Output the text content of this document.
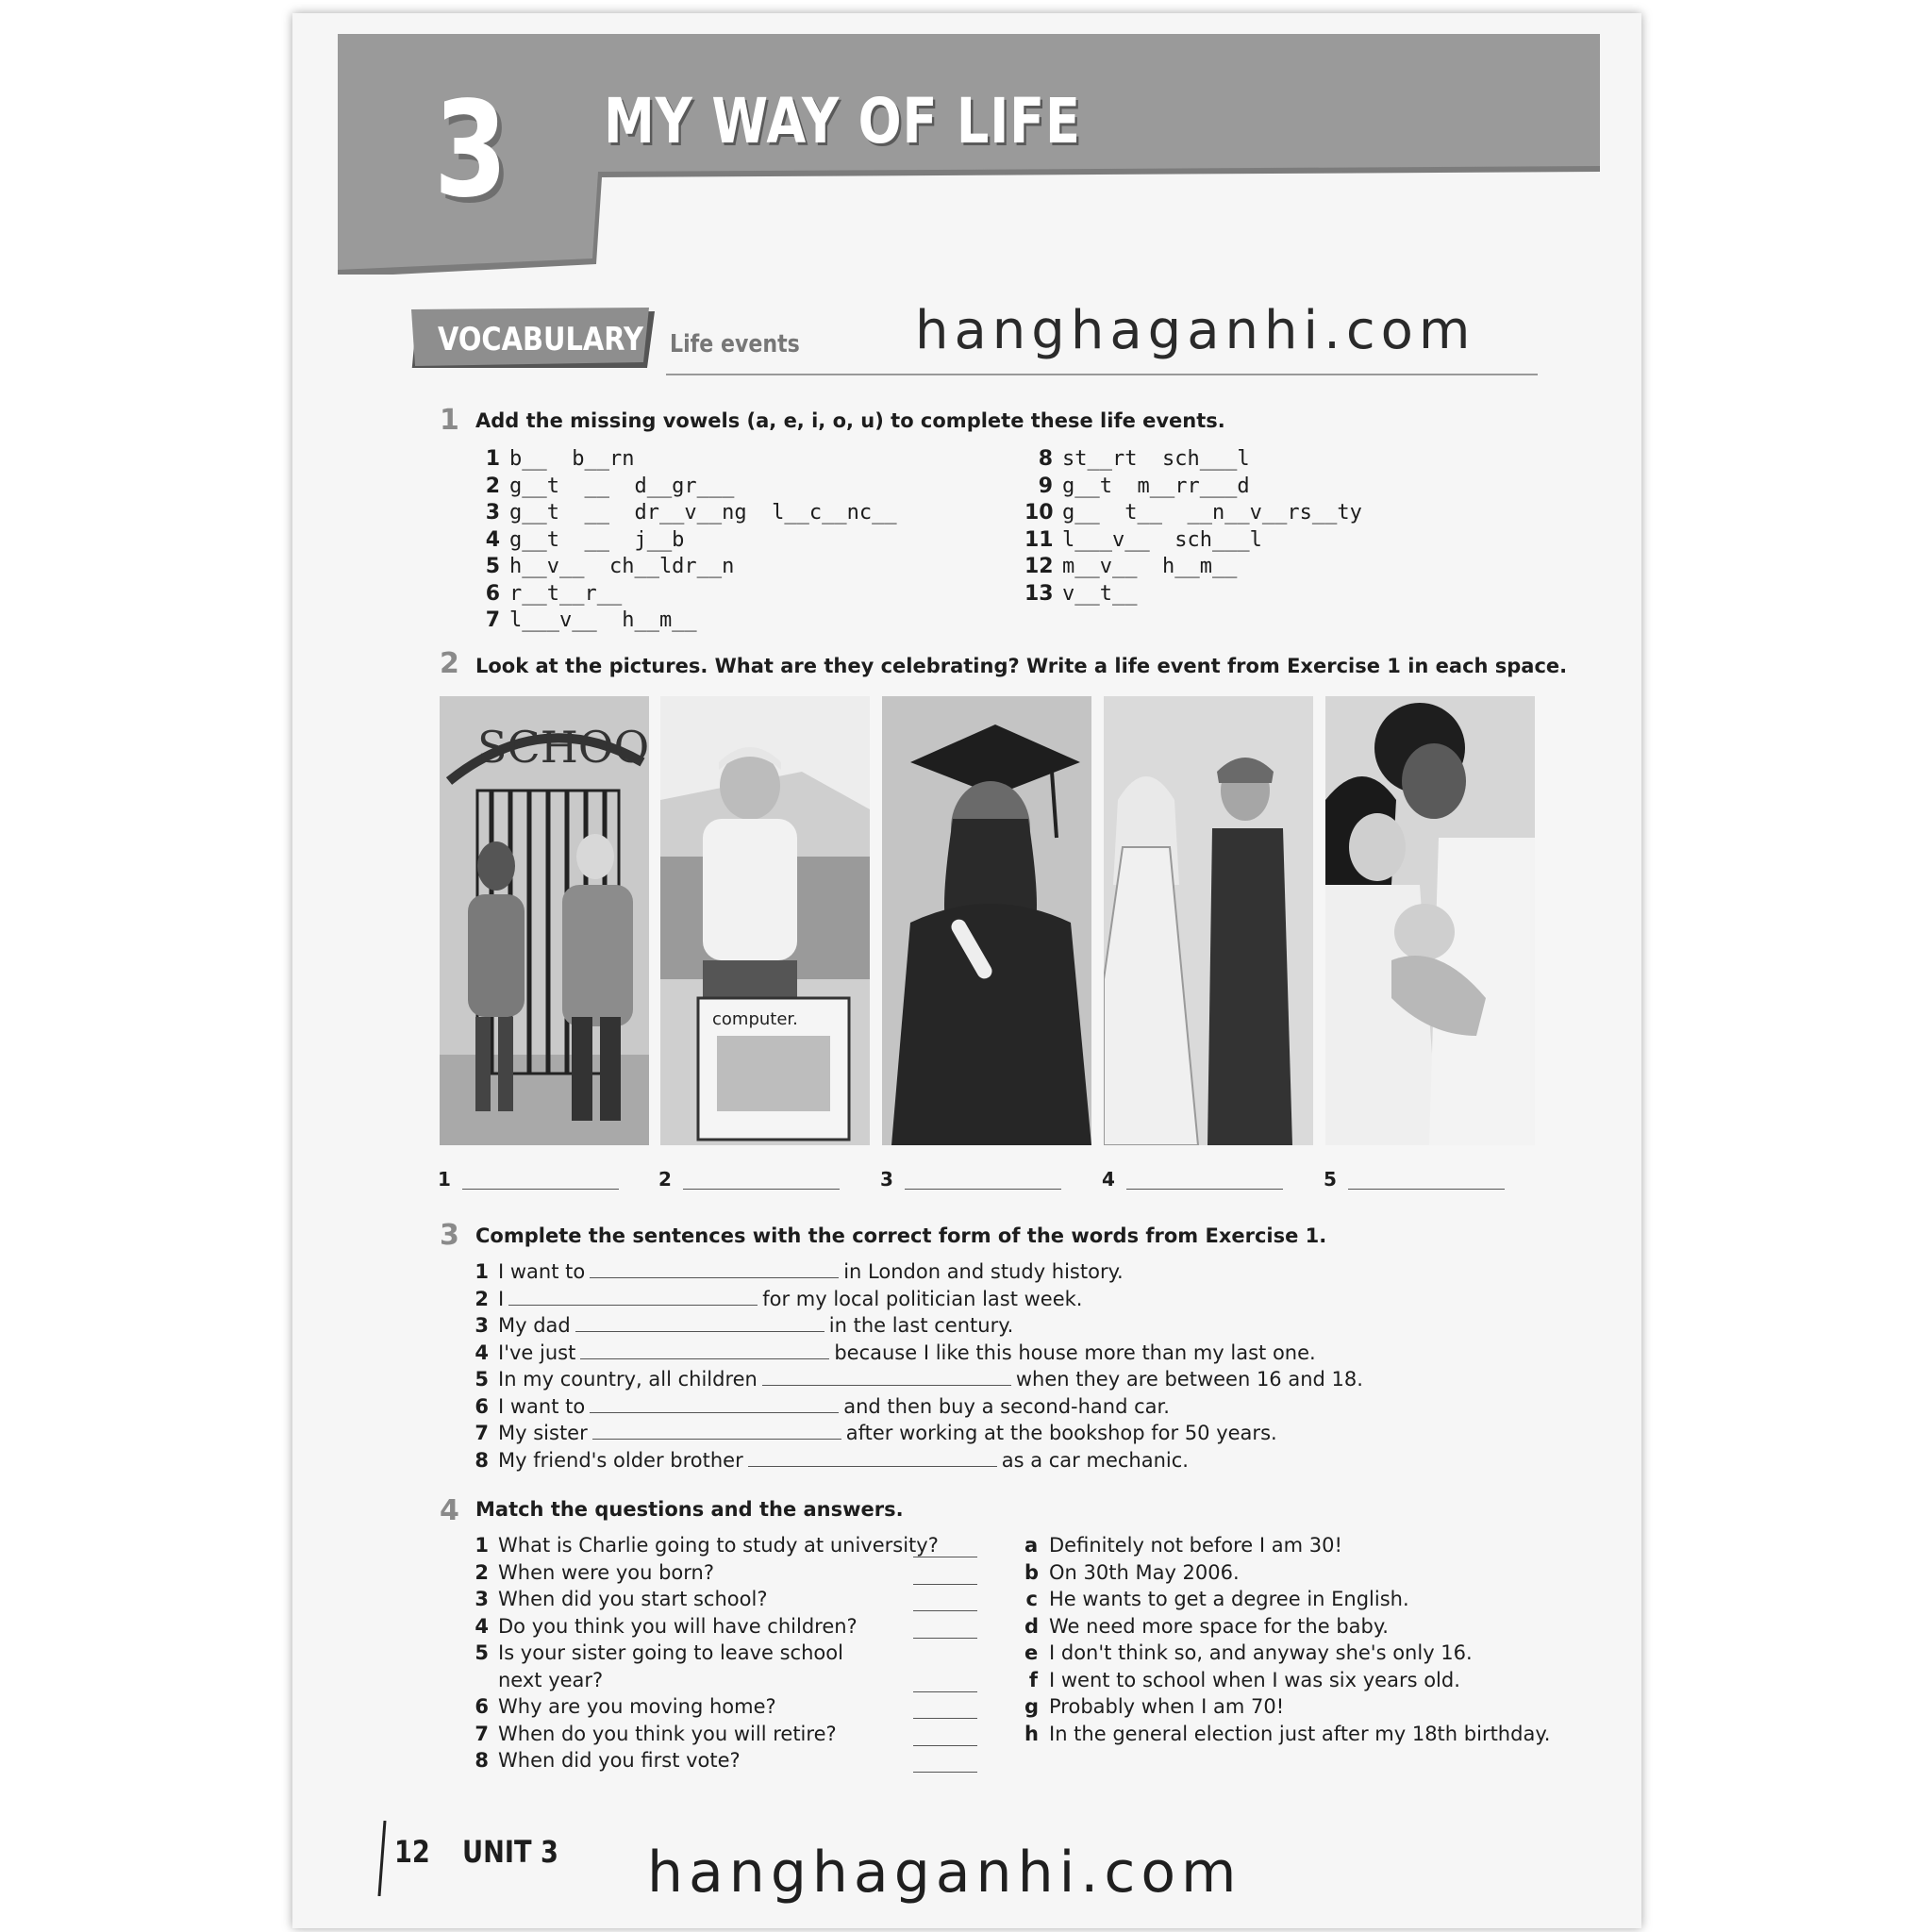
3 MY WAY OF LIFE
VOCABULARY Life events hanghaganhi.com
1 Add the missing vowels (a, e, i, o, u) to complete these life events.
1 b__  b__rn
2 g__t  __  d__gr___
3 g__t  __  dr__v__ng  l__c__nc__
4 g__t  __  j__b
5 h__v__  ch__ldr__n
6 r__t__r__
7 l___v__  h__m__
8 st__rt  sch___l
9 g__t  m__rr___d
10 g__  t__  __n__v__rs__ty
11 l___v__  sch___l
12 m__v__  h__m__
13 v__t__
2 Look at the pictures. What are they celebrating? Write a life event from Exercise 1 in each space.
SCHOO
computer.
1	2	3	4	5
3 Complete the sentences with the correct form of the words from Exercise 1.
1 I want to	in London and study history.
2 I	for my local politician last week.
3 My dad	in the last century.
4 I've just	because I like this house more than my last one.
5 In my country, all children	when they are between 16 and 18.
6 I want to	and then buy a second-hand car.
7 My sister	after working at the bookshop for 50 years.
8 My friend's older brother	as a car mechanic.
4 Match the questions and the answers.
1 What is Charlie going to study at university?
2 When were you born?
3 When did you start school?
4 Do you think you will have children?
5 Is your sister going to leave school
next year?
6 Why are you moving home?
7 When do you think you will retire?
8 When did you first vote?
a Definitely not before I am 30!
b On 30th May 2006.
c He wants to get a degree in English.
d We need more space for the baby.
e I don't think so, and anyway she's only 16.
f I went to school when I was six years old.
g Probably when I am 70!
h In the general election just after my 18th birthday.
12 UNIT 3 hanghaganhi.com
